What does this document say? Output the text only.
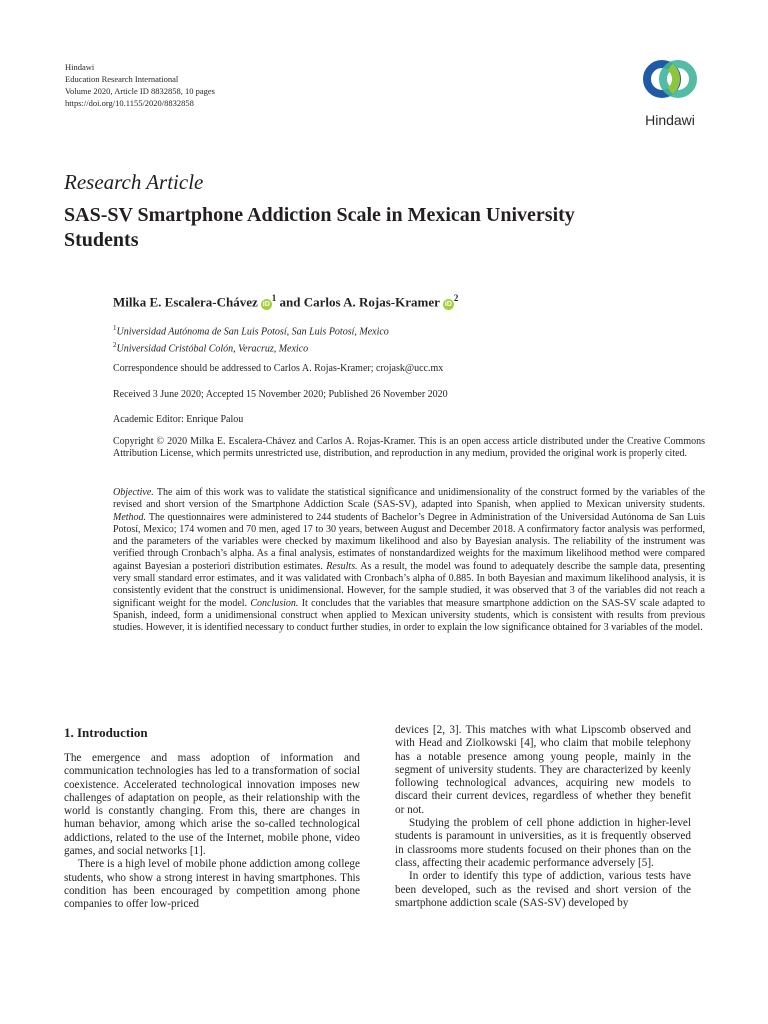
Hindawi
Education Research International
Volume 2020, Article ID 8832858, 10 pages
https://doi.org/10.1155/2020/8832858
Hindawi
Research Article
SAS-SV Smartphone Addiction Scale in Mexican University Students
Milka E. Escalera-Chávez $iD^1$ and Carlos A. Rojas-Kramer $iD^2$
$^1$Universidad Autónoma de San Luis Potosí, San Luis Potosí, Mexico
$^2$Universidad Cristóbal Colón, Veracruz, Mexico
Correspondence should be addressed to Carlos A. Rojas-Kramer; crojask@ucc.mx
Received 3 June 2020; Accepted 15 November 2020; Published 26 November 2020
Academic Editor: Enrique Palou
Copyright © 2020 Milka E. Escalera-Chávez and Carlos A. Rojas-Kramer. This is an open access article distributed under the Creative Commons Attribution License, which permits unrestricted use, distribution, and reproduction in any medium, provided the original work is properly cited.
Objective. The aim of this work was to validate the statistical significance and unidimensionality of the construct formed by the variables of the revised and short version of the Smartphone Addiction Scale (SAS-SV), adapted into Spanish, when applied to Mexican university students. Method. The questionnaires were administered to 244 students of Bachelor’s Degree in Administration of the Universidad Autónoma de San Luis Potosí, Mexico; 174 women and 70 men, aged 17 to 30 years, between August and December 2018. A confirmatory factor analysis was performed, and the parameters of the variables were checked by maximum likelihood and also by Bayesian analysis. The reliability of the instrument was verified through Cronbach’s alpha. As a final analysis, estimates of nonstandardized weights for the maximum likelihood method were compared against Bayesian a posteriori distribution estimates. Results. As a result, the model was found to adequately describe the sample data, presenting very small standard error estimates, and it was validated with Cronbach’s alpha of 0.885. In both Bayesian and maximum likelihood analysis, it is consistently evident that the construct is unidimensional. However, for the sample studied, it was observed that 3 of the variables did not reach a significant weight for the model. Conclusion. It concludes that the variables that measure smartphone addiction on the SAS-SV scale adapted to Spanish, indeed, form a unidimensional construct when applied to Mexican university students, which is consistent with results from previous studies. However, it is identified necessary to conduct further studies, in order to explain the low significance obtained for 3 variables of the model.
1. Introduction

The emergence and mass adoption of information and communication technologies has led to a transformation of social coexistence. Accelerated technological innovation imposes new challenges of adaptation on people, as their relationship with the world is constantly changing. From this, there are changes in human behavior, among which arise the so-called technological addictions, related to the use of the Internet, mobile phone, video games, and social networks [1].

There is a high level of mobile phone addiction among college students, who show a strong interest in having smartphones. This condition has been encouraged by competition among phone companies to offer low-priced

devices [2, 3]. This matches with what Lipscomb observed and with Head and Ziolkowski [4], who claim that mobile telephony has a notable presence among young people, mainly in the segment of university students. They are characterized by keenly following technological advances, acquiring new models to discard their current devices, regardless of whether they benefit or not.

Studying the problem of cell phone addiction in higher-level students is paramount in universities, as it is frequently observed in classrooms more students focused on their phones than on the class, affecting their academic performance adversely [5].

In order to identify this type of addiction, various tests have been developed, such as the revised and short version of the smartphone addiction scale (SAS-SV) developed by
